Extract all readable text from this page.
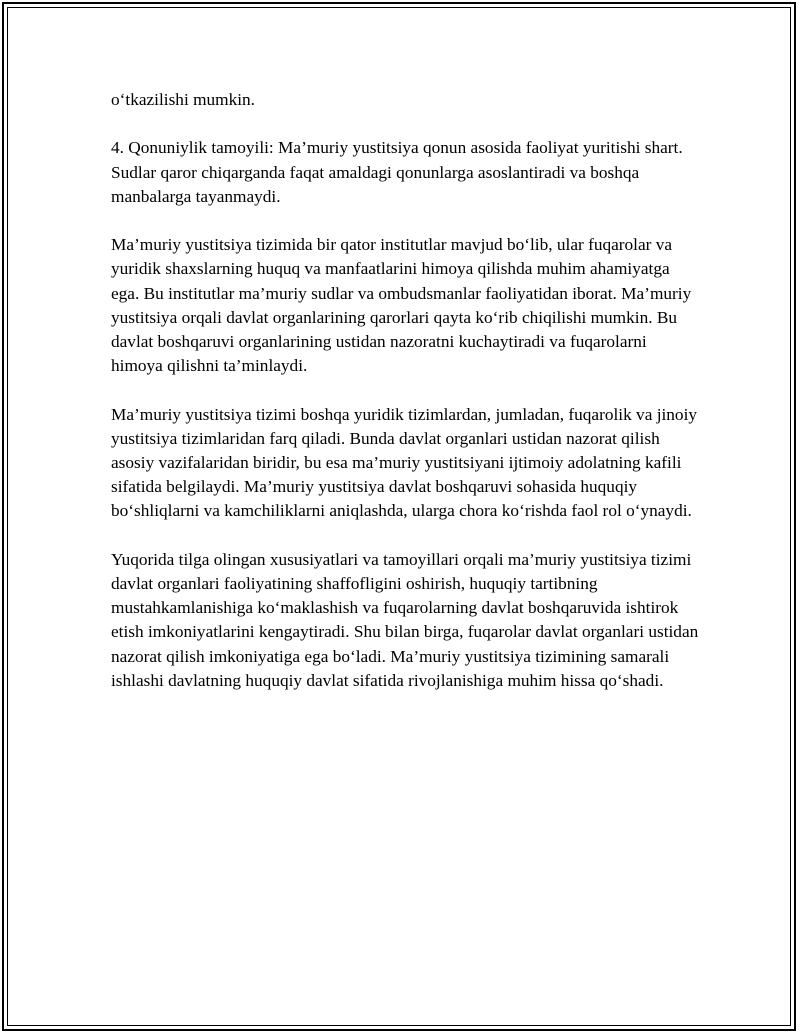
o‘tkazilishi mumkin.

4. Qonuniylik tamoyili: Ma’muriy yustitsiya qonun asosida faoliyat yuritishi shart. Sudlar qaror chiqarganda faqat amaldagi qonunlarga asoslantiradi va boshqa manbalarga tayanmaydi.

Ma’muriy yustitsiya tizimida bir qator institutlar mavjud bo‘lib, ular fuqarolar va yuridik shaxslarning huquq va manfaatlarini himoya qilishda muhim ahamiyatga ega. Bu institutlar ma’muriy sudlar va ombudsmanlar faoliyatidan iborat. Ma’muriy yustitsiya orqali davlat organlarining qarorlari qayta ko‘rib chiqilishi mumkin. Bu davlat boshqaruvi organlarining ustidan nazoratni kuchaytiradi va fuqarolarni himoya qilishni ta’minlaydi.

Ma’muriy yustitsiya tizimi boshqa yuridik tizimlardan, jumladan, fuqarolik va jinoiy yustitsiya tizimlaridan farq qiladi. Bunda davlat organlari ustidan nazorat qilish asosiy vazifalaridan biridir, bu esa ma’muriy yustitsiyani ijtimoiy adolatning kafili sifatida belgilaydi. Ma’muriy yustitsiya davlat boshqaruvi sohasida huquqiy bo‘shliqlarni va kamchiliklarni aniqlashda, ularga chora ko‘rishda faol rol o‘ynaydi.

Yuqorida tilga olingan xususiyatlari va tamoyillari orqali ma’muriy yustitsiya tizimi davlat organlari faoliyatining shaffofligini oshirish, huquqiy tartibning mustahkamlanishiga ko‘maklashish va fuqarolarning davlat boshqaruvida ishtirok etish imkoniyatlarini kengaytiradi. Shu bilan birga, fuqarolar davlat organlari ustidan nazorat qilish imkoniyatiga ega bo‘ladi. Ma’muriy yustitsiya tizimining samarali ishlashi davlatning huquqiy davlat sifatida rivojlanishiga muhim hissa qo‘shadi.
